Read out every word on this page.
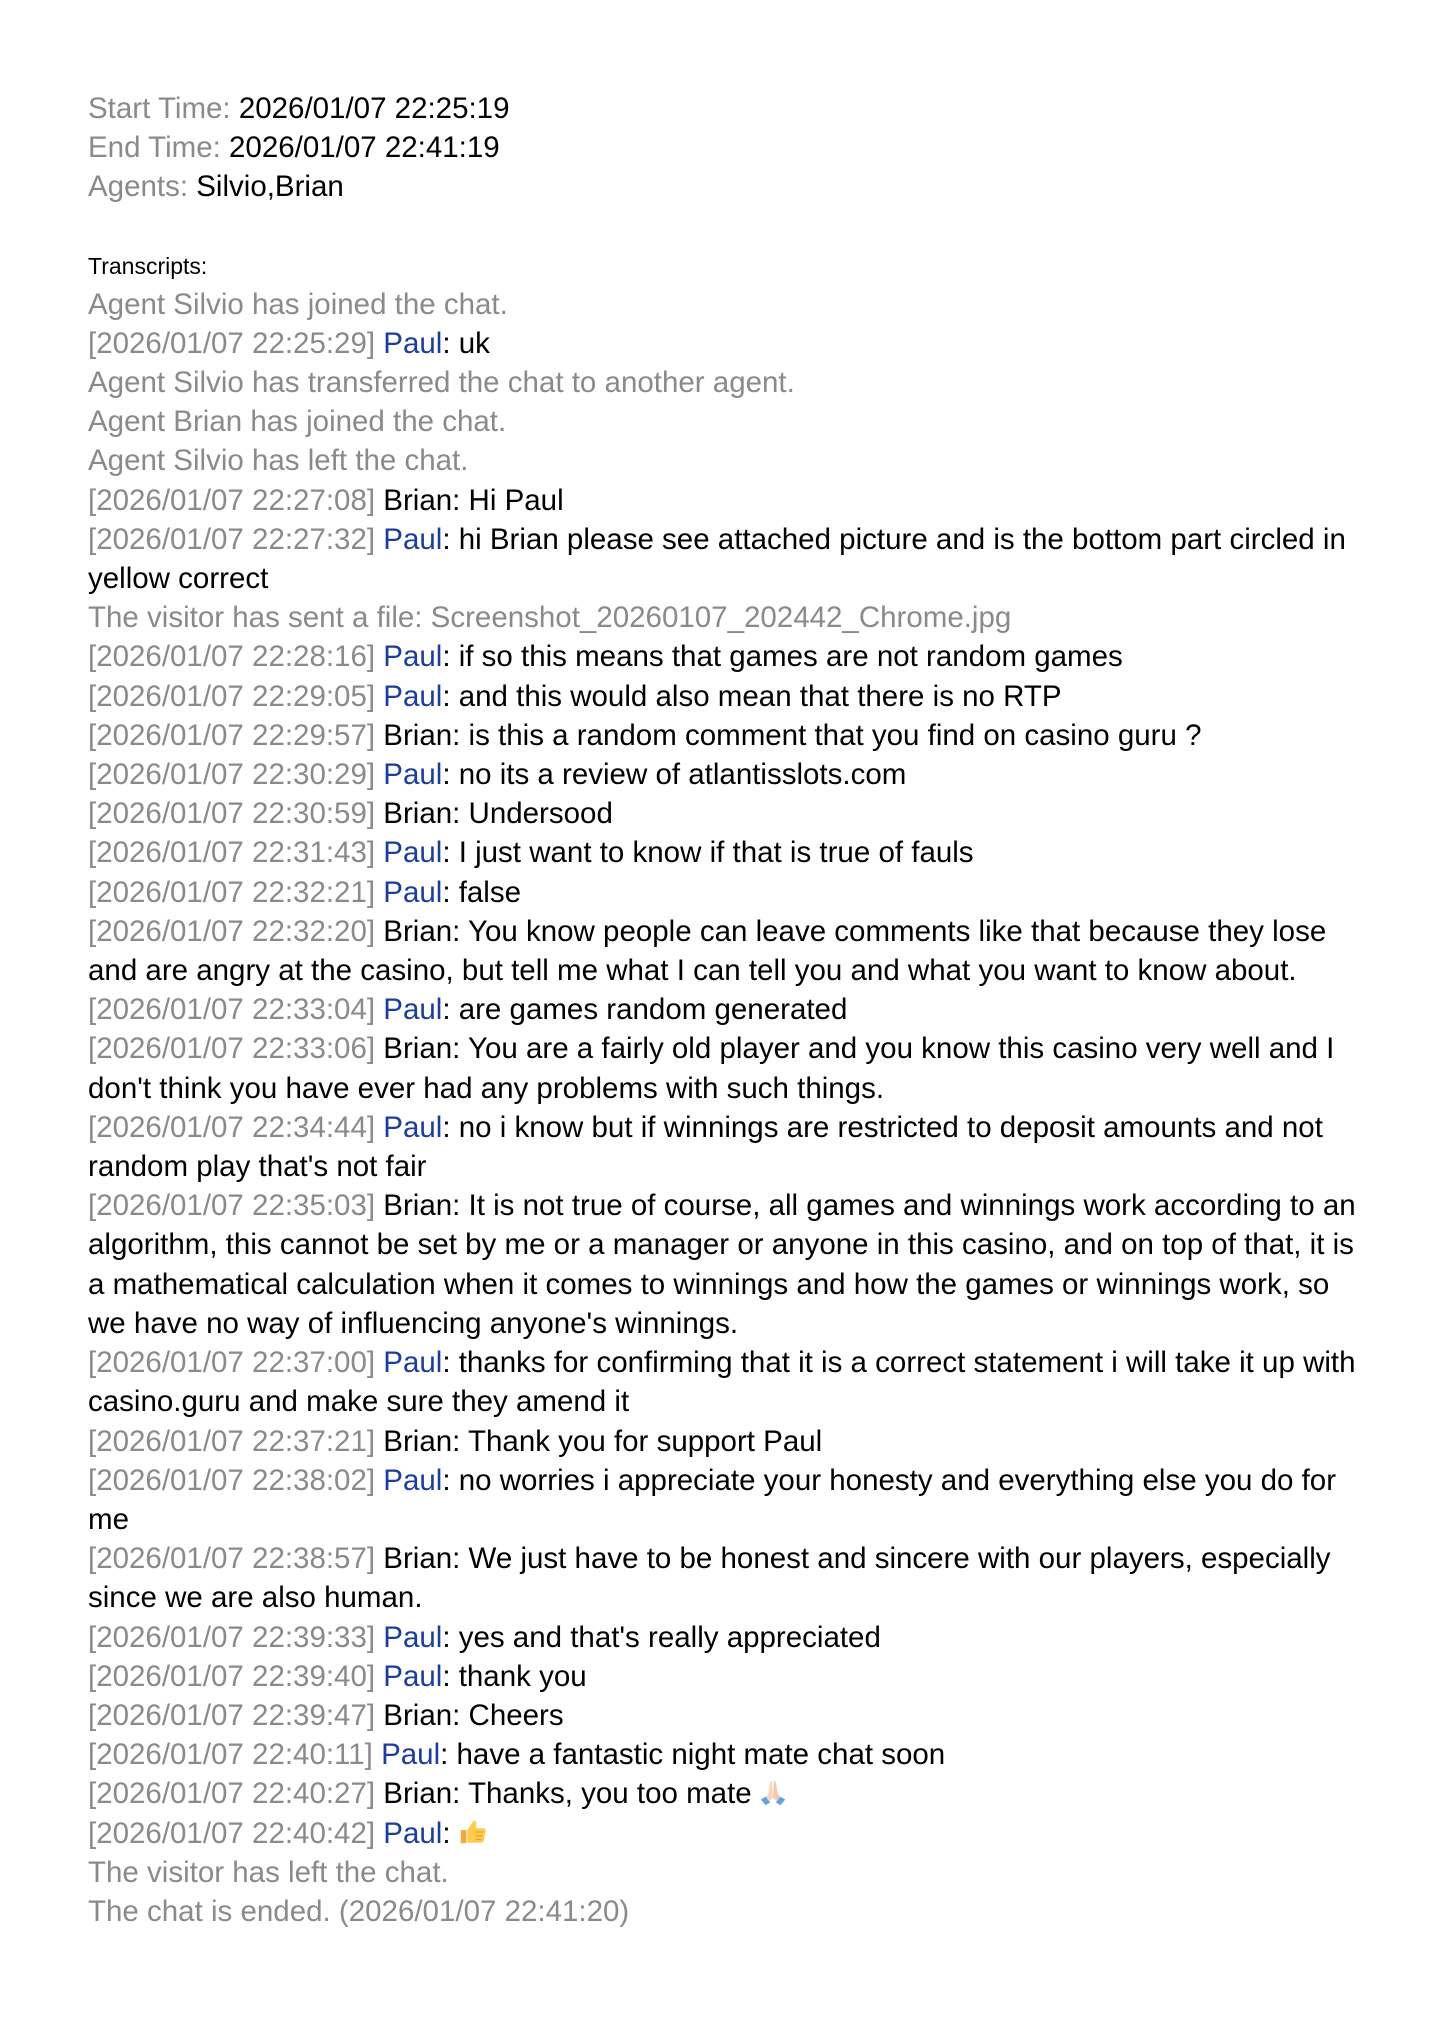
Start Time: 2026/01/07 22:25:19
End Time: 2026/01/07 22:41:19
Agents: Silvio,Brian
Transcripts:
Agent Silvio has joined the chat.
[2026/01/07 22:25:29] Paul: uk
Agent Silvio has transferred the chat to another agent.
Agent Brian has joined the chat.
Agent Silvio has left the chat.
[2026/01/07 22:27:08] Brian: Hi Paul
[2026/01/07 22:27:32] Paul: hi Brian please see attached picture and is the bottom part circled in yellow correct
The visitor has sent a file: Screenshot_20260107_202442_Chrome.jpg
[2026/01/07 22:28:16] Paul: if so this means that games are not random games
[2026/01/07 22:29:05] Paul: and this would also mean that there is no RTP
[2026/01/07 22:29:57] Brian: is this a random comment that you find on casino guru ?
[2026/01/07 22:30:29] Paul: no its a review of atlantisslots.com
[2026/01/07 22:30:59] Brian: Undersood
[2026/01/07 22:31:43] Paul: I just want to know if that is true of fauls
[2026/01/07 22:32:21] Paul: false
[2026/01/07 22:32:20] Brian: You know people can leave comments like that because they lose and are angry at the casino, but tell me what I can tell you and what you want to know about.
[2026/01/07 22:33:04] Paul: are games random generated
[2026/01/07 22:33:06] Brian: You are a fairly old player and you know this casino very well and I don't think you have ever had any problems with such things.
[2026/01/07 22:34:44] Paul: no i know but if winnings are restricted to deposit amounts and not random play that's not fair
[2026/01/07 22:35:03] Brian: It is not true of course, all games and winnings work according to an algorithm, this cannot be set by me or a manager or anyone in this casino, and on top of that, it is a mathematical calculation when it comes to winnings and how the games or winnings work, so we have no way of influencing anyone's winnings.
[2026/01/07 22:37:00] Paul: thanks for confirming that it is a correct statement i will take it up with casino.guru and make sure they amend it
[2026/01/07 22:37:21] Brian: Thank you for support Paul
[2026/01/07 22:38:02] Paul: no worries i appreciate your honesty and everything else you do for me
[2026/01/07 22:38:57] Brian: We just have to be honest and sincere with our players, especially since we are also human.
[2026/01/07 22:39:33] Paul: yes and that's really appreciated
[2026/01/07 22:39:40] Paul: thank you
[2026/01/07 22:39:47] Brian: Cheers
[2026/01/07 22:40:11] Paul: have a fantastic night mate chat soon
[2026/01/07 22:40:27] Brian: Thanks, you too mate
[2026/01/07 22:40:42] Paul:
The visitor has left the chat.
The chat is ended. (2026/01/07 22:41:20)
